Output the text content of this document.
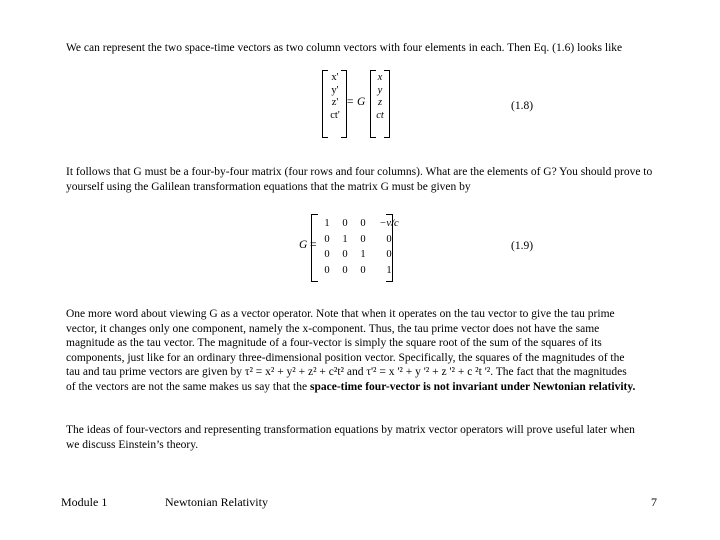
We can represent the two space-time vectors as two column vectors with four elements in each. Then Eq. (1.6) looks like
x'
y'
z'
ct'
= G
x
y
z
ct
(1.8)
It follows that G must be a four-by-four matrix (four rows and four columns). What are the elements of G? You should prove to yourself using the Galilean transformation equations that the matrix G must be given by
G =
1	0	0	−v/c
0	1	0	0
0	0	1	0
0	0	0	1
(1.9)
One more word about viewing G as a vector operator. Note that when it operates on the tau vector to give the tau prime
vector, it changes only one component, namely the x-component. Thus, the tau prime vector does not have the same
magnitude as the tau vector. The magnitude of a four-vector is simply the square root of the sum of the squares of its
components, just like for an ordinary three-dimensional position vector. Specifically, the squares of the magnitudes of the
tau and tau prime vectors are given by τ² = x² + y² + z² + c²t² and τ'² = x '² + y '² + z '² + c ²t '². The fact that the magnitudes
of the vectors are not the same makes us say that the space-time four-vector is not invariant under Newtonian relativity.
The ideas of four-vectors and representing transformation equations by matrix vector operators will prove useful later when
we discuss Einstein’s theory.
Module 1	Newtonian Relativity	7
